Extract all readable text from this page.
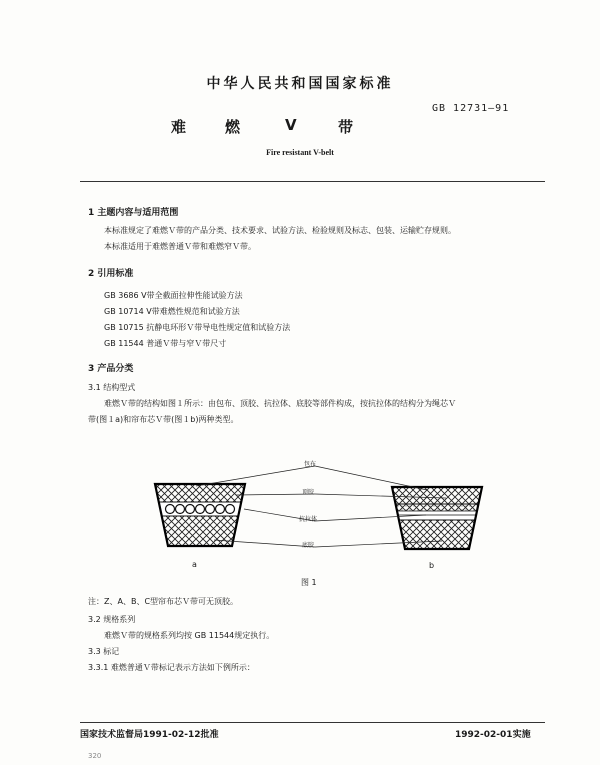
中华人民共和国国家标准
GB 12731—91
难	燃	V	带
Fire resistant V-belt
1 主题内容与适用范围
本标准规定了难燃Ｖ带的产品分类、技术要求、试验方法、检验规则及标志、包装、运输贮存规则。
本标准适用于难燃普通Ｖ带和难燃窄Ｖ带。
2 引用标准
GB 3686 V带全截面拉伸性能试验方法
GB 10714 V带难燃性规范和试验方法
GB 10715 抗静电环形Ｖ带导电性规定值和试验方法
GB 11544 普通Ｖ带与窄Ｖ带尺寸
3 产品分类
3.1 结构型式
难燃Ｖ带的结构如图１所示：由包布、顶胶、抗拉体、底胶等部件构成，按抗拉体的结构分为绳芯Ｖ
带(图１a)和帘布芯Ｖ带(图１b)两种类型。
包布
顶胶
抗拉体
底胶
a	b
图 1
注：Z、A、B、C型帘布芯Ｖ带可无顶胶。
3.2 规格系列
难燃Ｖ带的规格系列均按 GB 11544规定执行。
3.3 标记
3.3.1 难燃普通Ｖ带标记表示方法如下例所示：
国家技术监督局1991-02-12批准	1992-02-01实施
320
